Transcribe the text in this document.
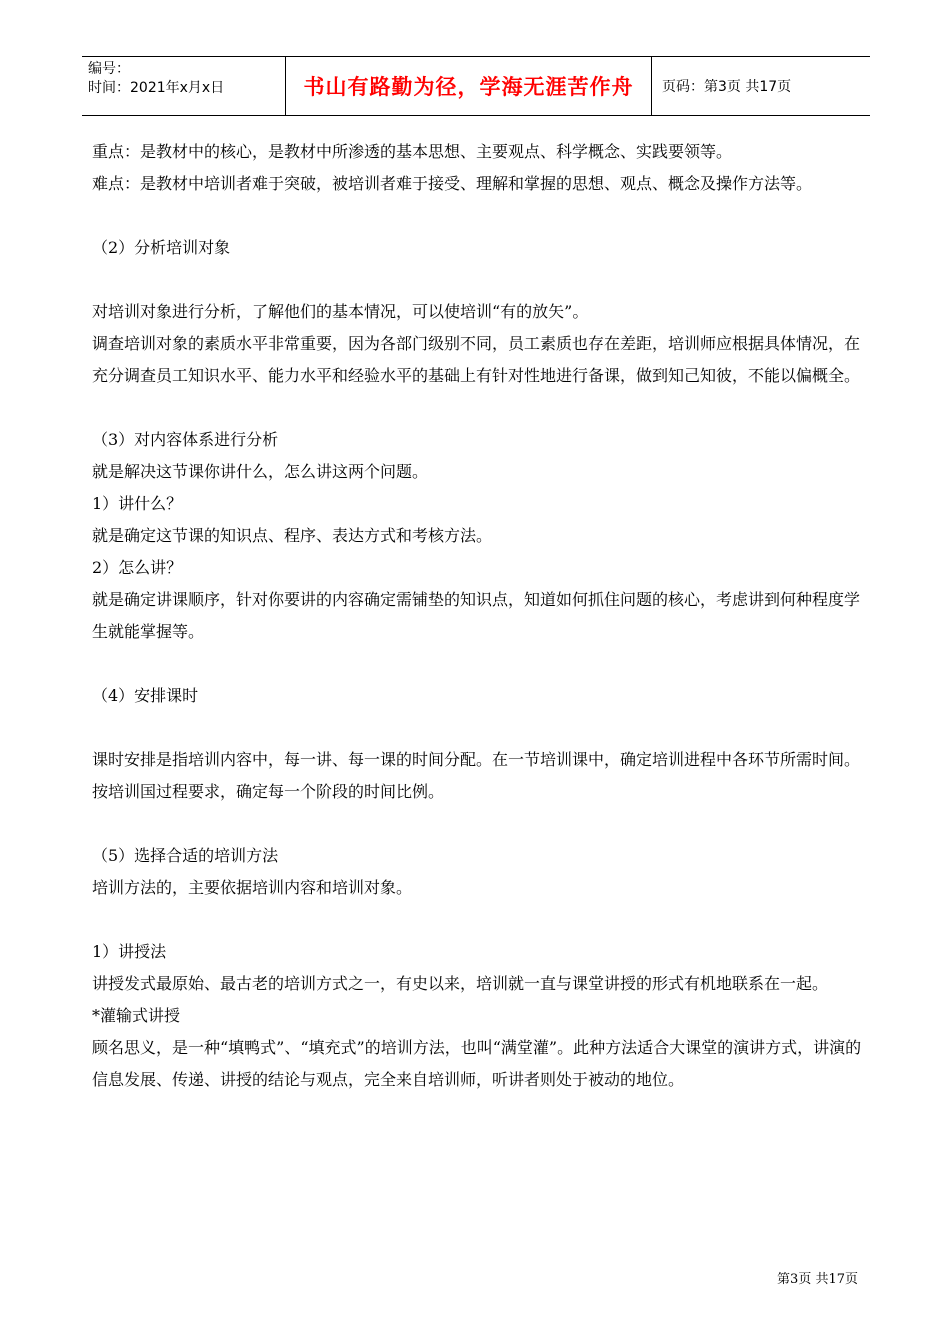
编号：
时间：2021年x月x日	书山有路勤为径，学海无涯苦作舟	页码：第3页 共17页

重点：是教材中的核心，是教材中所渗透的基本思想、主要观点、科学概念、实践要领等。

难点：是教材中培训者难于突破，被培训者难于接受、理解和掌握的思想、观点、概念及操作方法等。

（2）分析培训对象

对培训对象进行分析，了解他们的基本情况，可以使培训“有的放矢”。

调查培训对象的素质水平非常重要，因为各部门级别不同，员工素质也存在差距，培训师应根据具体情况，在充分调查员工知识水平、能力水平和经验水平的基础上有针对性地进行备课，做到知己知彼，不能以偏概全。

（3）对内容体系进行分析

就是解决这节课你讲什么，怎么讲这两个问题。

1）讲什么？

就是确定这节课的知识点、程序、表达方式和考核方法。

2）怎么讲？

就是确定讲课顺序，针对你要讲的内容确定需铺垫的知识点，知道如何抓住问题的核心，考虑讲到何种程度学生就能掌握等。

（4）安排课时

课时安排是指培训内容中，每一讲、每一课的时间分配。在一节培训课中，确定培训进程中各环节所需时间。按培训国过程要求，确定每一个阶段的时间比例。

（5）选择合适的培训方法

培训方法的，主要依据培训内容和培训对象。

1）讲授法

讲授发式最原始、最古老的培训方式之一，有史以来，培训就一直与课堂讲授的形式有机地联系在一起。

*灌输式讲授

顾名思义，是一种“填鸭式”、“填充式”的培训方法，也叫“满堂灌”。此种方法适合大课堂的演讲方式，讲演的信息发展、传递、讲授的结论与观点，完全来自培训师，听讲者则处于被动的地位。

第3页 共17页
